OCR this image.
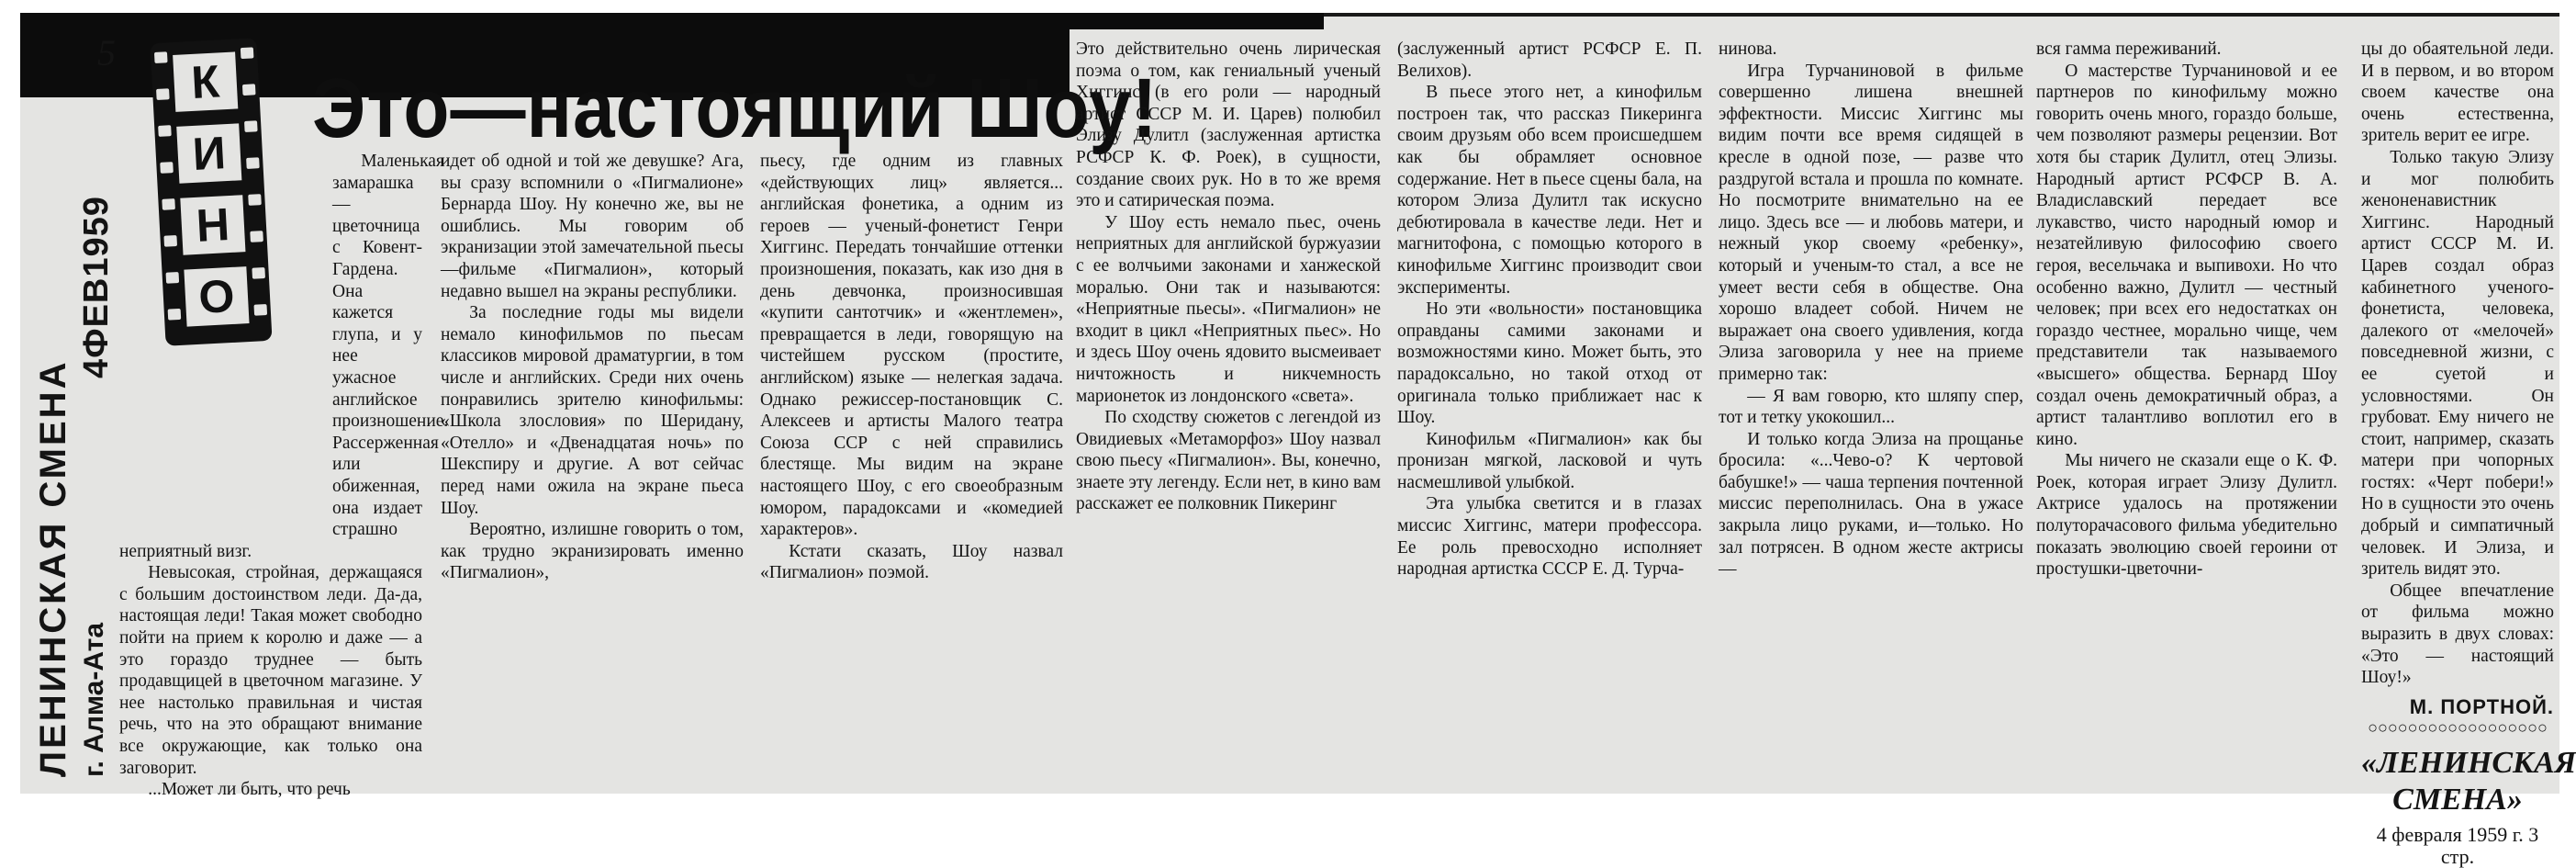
5
ЛЕНИНСКАЯ СМЕНА г. Алма-Ата
4ФЕВ1959
К
И
Н
О
Это—настоящий Шоу!

Маленькая замарашка — цветочница с Ковент-Гардена. Она кажется глупа, и у нее ужасное английское произношение. Рассерженная или обиженная, она издает страшно

неприятный визг.

Невысокая, стройная, держащаяся с большим достоинством леди. Да-да, настоящая леди! Такая может свободно пойти на прием к королю и даже — а это гораздо труднее — быть продавщицей в цветочном магазине. У нее настолько правильная и чистая речь, что на это обращают внимание все окружающие, как только она заговорит.

...Может ли быть, что речь

идет об одной и той же девушке? Ага, вы сразу вспомнили о «Пигмалионе» Бернарда Шоу. Ну конечно же, вы не ошиблись. Мы говорим об экранизации этой замечательной пьесы—фильме «Пигмалион», который недавно вышел на экраны республики.

За последние годы мы видели немало кинофильмов по пьесам классиков мировой драматургии, в том числе и английских. Среди них очень понравились зрителю кинофильмы: «Школа злословия» по Шеридану, «Отелло» и «Двенадцатая ночь» по Шекспиру и другие. А вот сейчас перед нами ожила на экране пьеса Шоу.

Вероятно, излишне говорить о том, как трудно экранизировать именно «Пигмалион»,

пьесу, где одним из главных «действующих лиц» является... английская фонетика, а одним из героев — ученый-фонетист Генри Хиггинс. Передать тончайшие оттенки произношения, показать, как изо дня в день девчонка, произносившая «купити сантотчик» и «жентлемен», превращается в леди, говорящую на чистейшем русском (простите, английском) языке — нелегкая задача. Однако режиссер-постановщик С. Алексеев и артисты Малого театра Союза ССР с ней справились блестяще. Мы видим на экране настоящего Шоу, с его своеобразным юмором, парадоксами и «комедией характеров».

Кстати сказать, Шоу назвал «Пигмалион» поэмой.

Это действительно очень лирическая поэма о том, как гениальный ученый Хиггинс (в его роли — народный артист СССР М. И. Царев) полюбил Элизу Дулитл (заслуженная артистка РСФСР К. Ф. Роек), в сущности, создание своих рук. Но в то же время это и сатирическая поэма.

У Шоу есть немало пьес, очень неприятных для английской буржуазии с ее волчьими законами и ханжеской моралью. Они так и называются: «Неприятные пьесы». «Пигмалион» не входит в цикл «Неприятных пьес». Но и здесь Шоу очень ядовито высмеивает ничтожность и никчемность марионеток из лондонского «света».

По сходству сюжетов с легендой из Овидиевых «Метаморфоз» Шоу назвал свою пьесу «Пигмалион». Вы, конечно, знаете эту легенду. Если нет, в кино вам расскажет ее полковник Пикеринг

(заслуженный артист РСФСР Е. П. Велихов).

В пьесе этого нет, а кинофильм построен так, что рассказ Пикеринга своим друзьям обо всем происшедшем как бы обрамляет основное содержание. Нет в пьесе сцены бала, на котором Элиза Дулитл так искусно дебютировала в качестве леди. Нет и магнитофона, с помощью которого в кинофильме Хиггинс производит свои эксперименты.

Но эти «вольности» постановщика оправданы самими законами и возможностями кино. Может быть, это парадоксально, но такой отход от оригинала только приближает нас к Шоу.

Кинофильм «Пигмалион» как бы пронизан мягкой, ласковой и чуть насмешливой улыбкой.

Эта улыбка светится и в глазах миссис Хиггинс, матери профессора. Ее роль превосходно исполняет народная артистка СССР Е. Д. Турча-

нинова.

Игра Турчаниновой в фильме совершенно лишена внешней эффектности. Миссис Хиггинс мы видим почти все время сидящей в кресле в одной позе, — разве что раздругой встала и прошла по комнате. Но посмотрите внимательно на ее лицо. Здесь все — и любовь матери, и нежный укор своему «ребенку», который и ученым-то стал, а все не умеет вести себя в обществе. Она хорошо владеет собой. Ничем не выражает она своего удивления, когда Элиза заговорила у нее на приеме примерно так:

— Я вам говорю, кто шляпу спер, тот и тетку укокошил...

И только когда Элиза на прощанье бросила: «...Чево-о? К чертовой бабушке!» — чаша терпения почтенной миссис переполнилась. Она в ужасе закрыла лицо руками, и—только. Но зал потрясен. В одном жесте актрисы —

вся гамма переживаний.

О мастерстве Турчаниновой и ее партнеров по кинофильму можно говорить очень много, гораздо больше, чем позволяют размеры рецензии. Вот хотя бы старик Дулитл, отец Элизы. Народный артист РСФСР В. А. Владиславский передает все лукавство, чисто народный юмор и незатейливую философию своего героя, весельчака и выпивохи. Но что особенно важно, Дулитл — честный человек; при всех его недостатках он гораздо честнее, морально чище, чем представители так называемого «высшего» общества. Бернард Шоу создал очень демократичный образ, а артист талантливо воплотил его в кино.

Мы ничего не сказали еще о К. Ф. Роек, которая играет Элизу Дулитл. Актрисе удалось на протяжении полуторачасового фильма убедительно показать эволюцию своей героини от простушки-цветочни-

цы до обаятельной леди. И в первом, и во втором своем качестве она очень естественна, зритель верит ее игре.

Только такую Элизу и мог полюбить женоненавистник Хиггинс. Народный артист СССР М. И. Царев создал образ кабинетного ученого-фонетиста, человека, далекого от «мелочей» повседневной жизни, с ее суетой и условностями. Он грубоват. Ему ничего не стоит, например, сказать матери при чопорных гостях: «Черт побери!» Но в сущности это очень добрый и симпатичный человек. И Элиза, и зритель видят это.

Общее впечатление от фильма можно выразить в двух словах: «Это — настоящий Шоу!»

М. ПОРТНОЙ.

○○○○○○○○○○○○○○○○○○

«ЛЕНИНСКАЯ СМЕНА»

4 февраля 1959 г. 3 стр.
